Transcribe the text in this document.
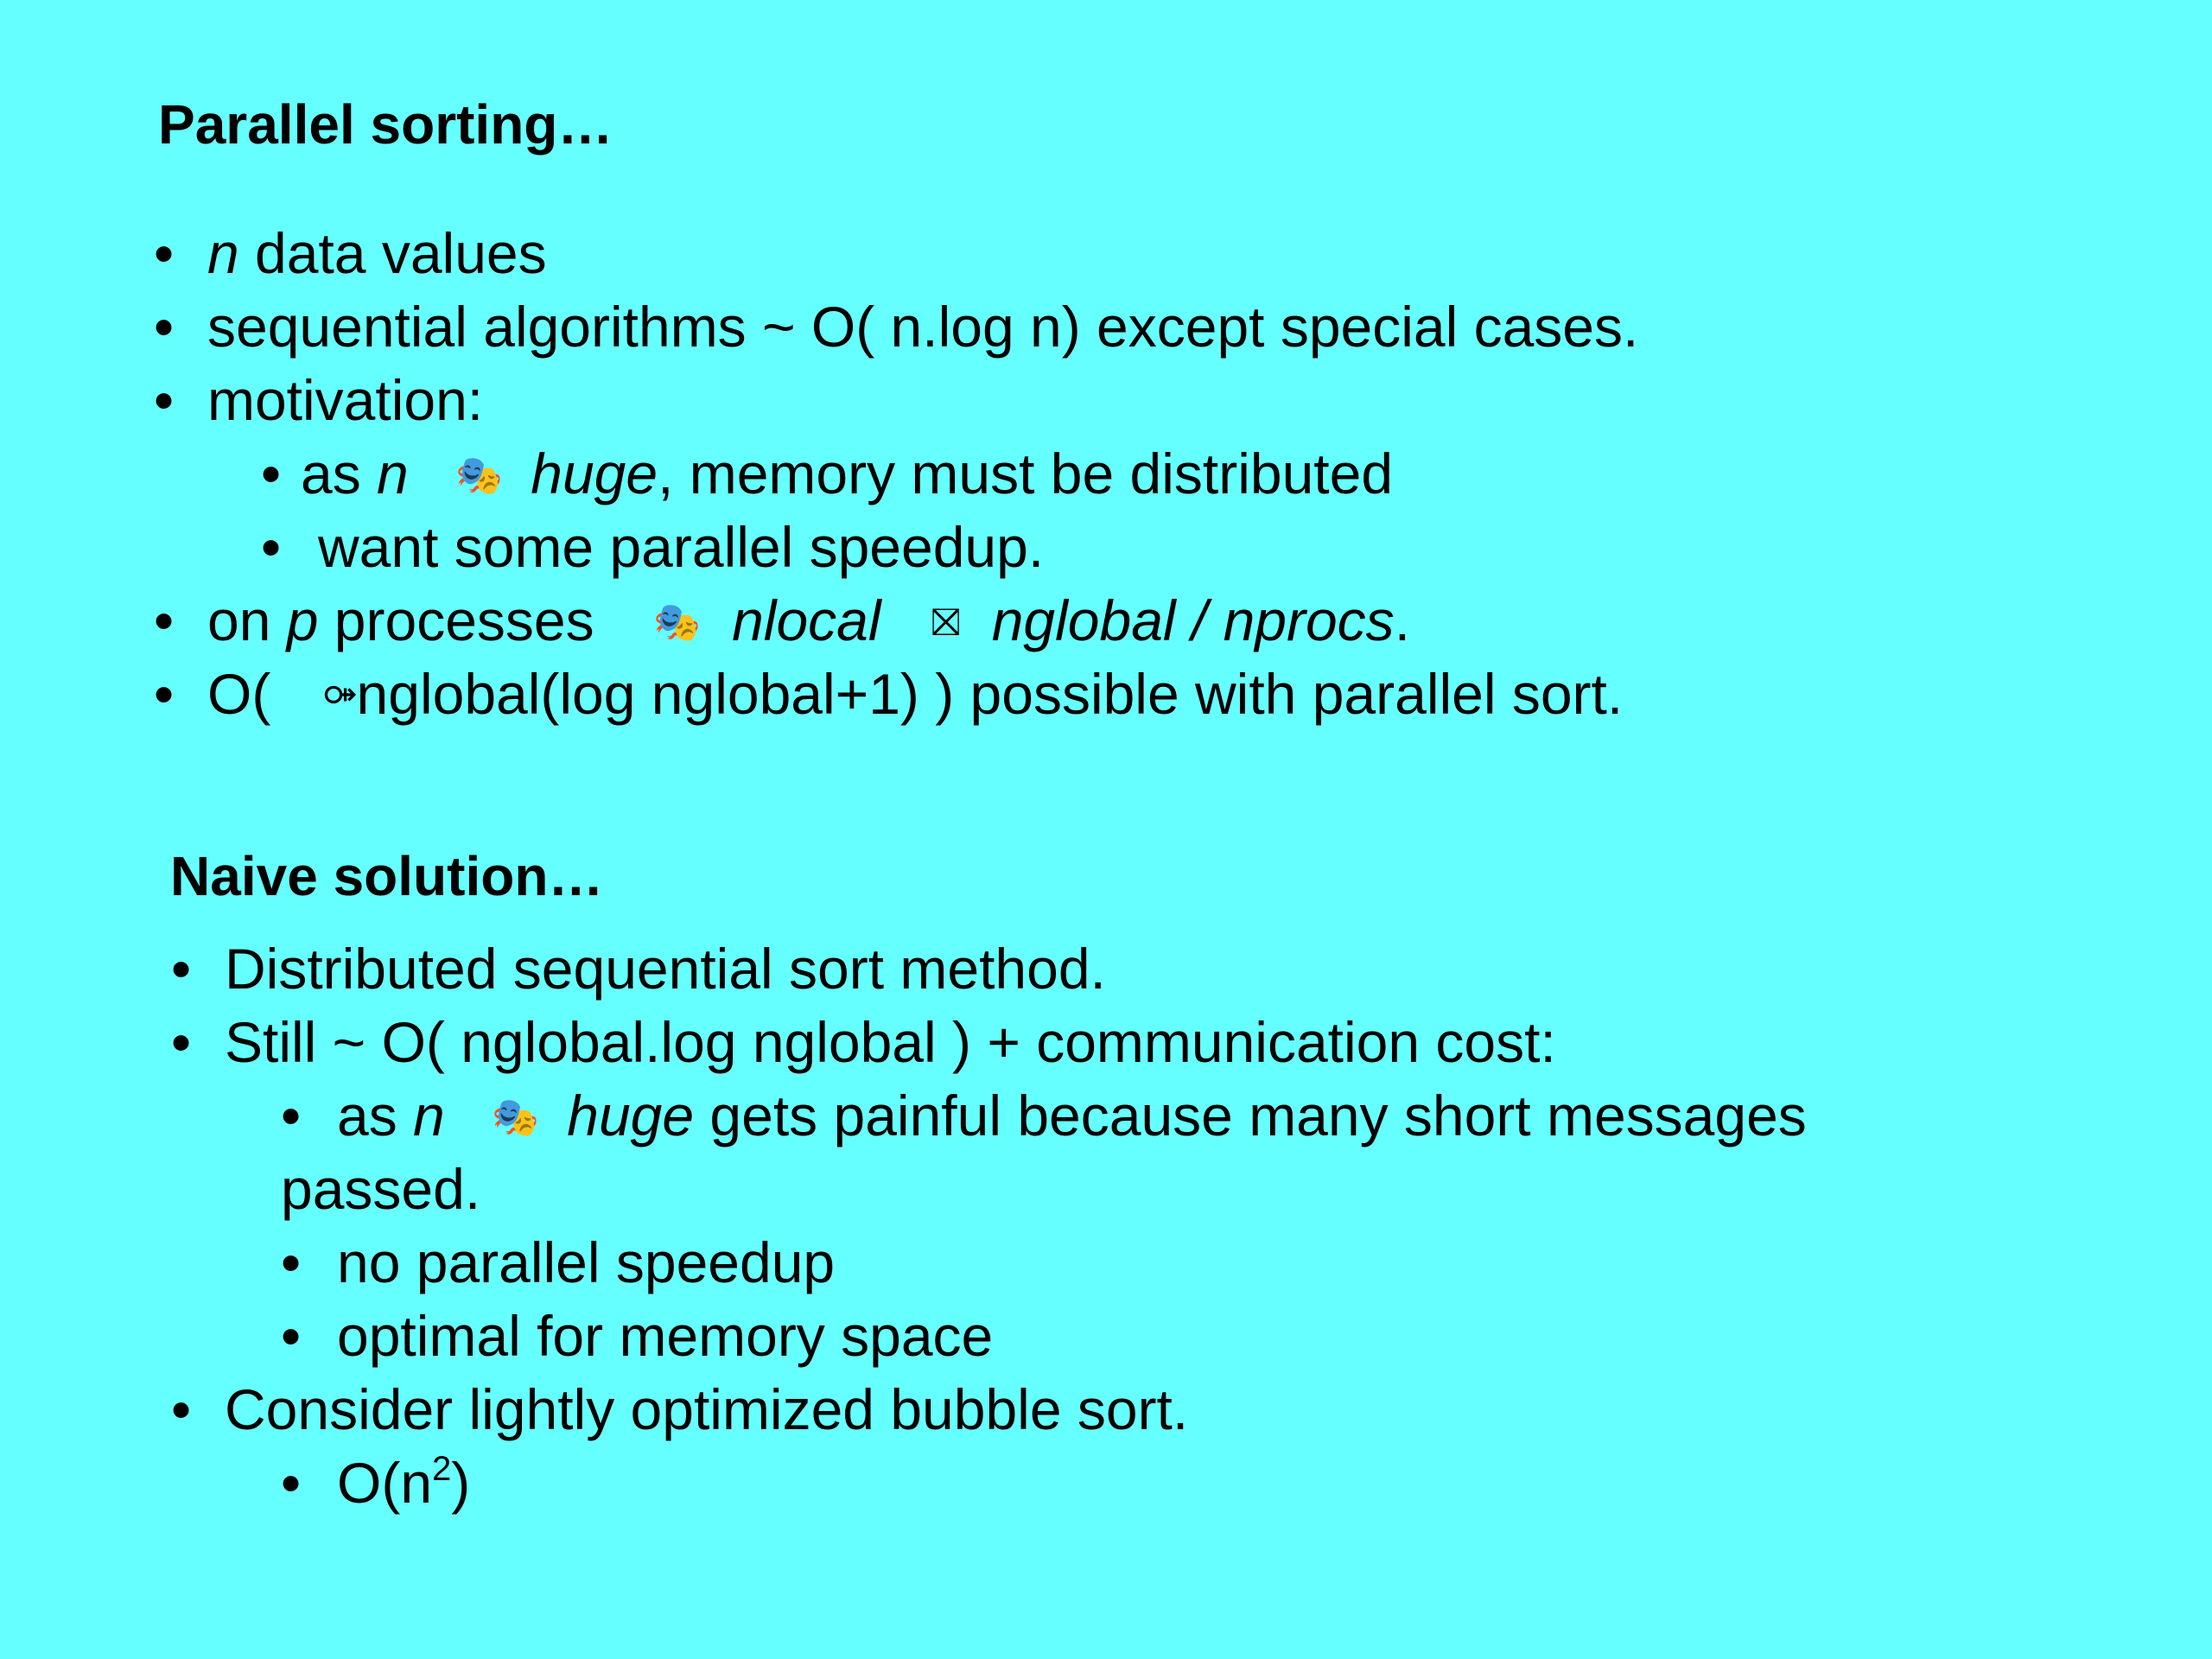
Parallel sorting…
• n data values
• sequential algorithms ~ O( n.log n) except special cases.
• motivation:
• as n 🎭 huge, memory must be distributed
• want some parallel speedup.
• on p processes 🎭 nlocal ⛝ nglobal / nprocs.
• O( ⚩nglobal(log nglobal+1) ) possible with parallel sort.
Naive solution…
• Distributed sequential sort method.
• Still ~ O( nglobal.log nglobal ) + communication cost:
• as n 🎭 huge gets painful because many short messages
passed.
• no parallel speedup
• optimal for memory space
• Consider lightly optimized bubble sort.
• $O(n^2)$
